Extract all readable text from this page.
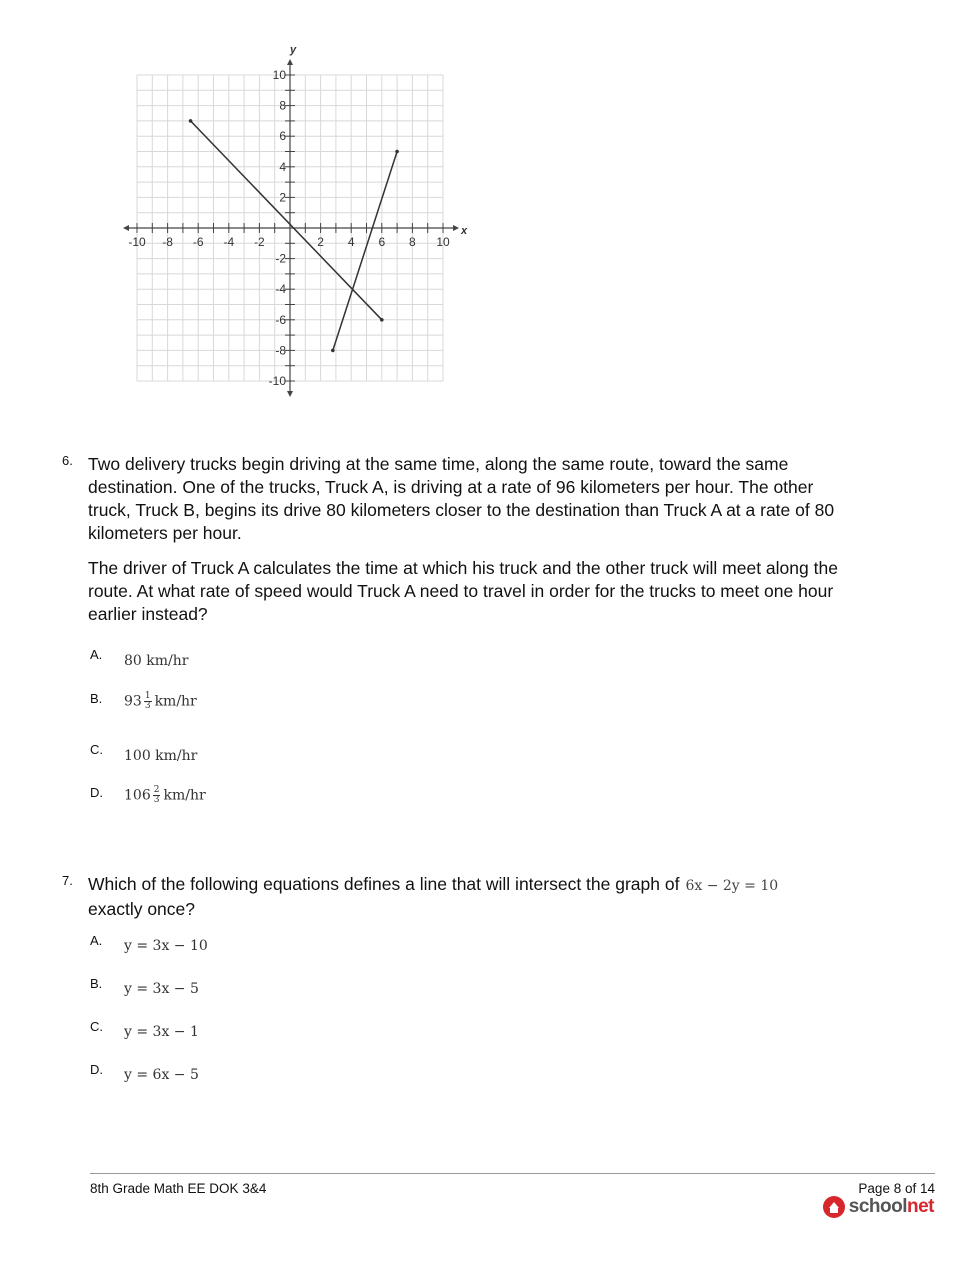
-10 -8 -6 -4 -2	2 4 6 8 10
10
8
6
4
2
-2
-4
-6
-8
-10
y
x
6. Two delivery trucks begin driving at the same time, along the same route, toward the same destination. One of the trucks, Truck A, is driving at a rate of 96 kilometers per hour. The other truck, Truck B, begins its drive 80 kilometers closer to the destination than Truck A at a rate of 80 kilometers per hour.

The driver of Truck A calculates the time at which his truck and the other truck will meet along the route. At what rate of speed would Truck A need to travel in order for the trucks to meet one hour earlier instead?

A. 80 km/hr
B. $93 \frac{1}{3} km/hr$
C. 100 km/hr
D. $106 \frac{2}{3} km/hr$
7. Which of the following equations defines a line that will intersect the graph of 6x − 2y = 10
exactly once?
A. y = 3x − 10
B. y = 3x − 5
C. y = 3x − 1
D. y = 6x − 5
8th Grade Math EE DOK 3&4	Page 8 of 14
schoolnet
